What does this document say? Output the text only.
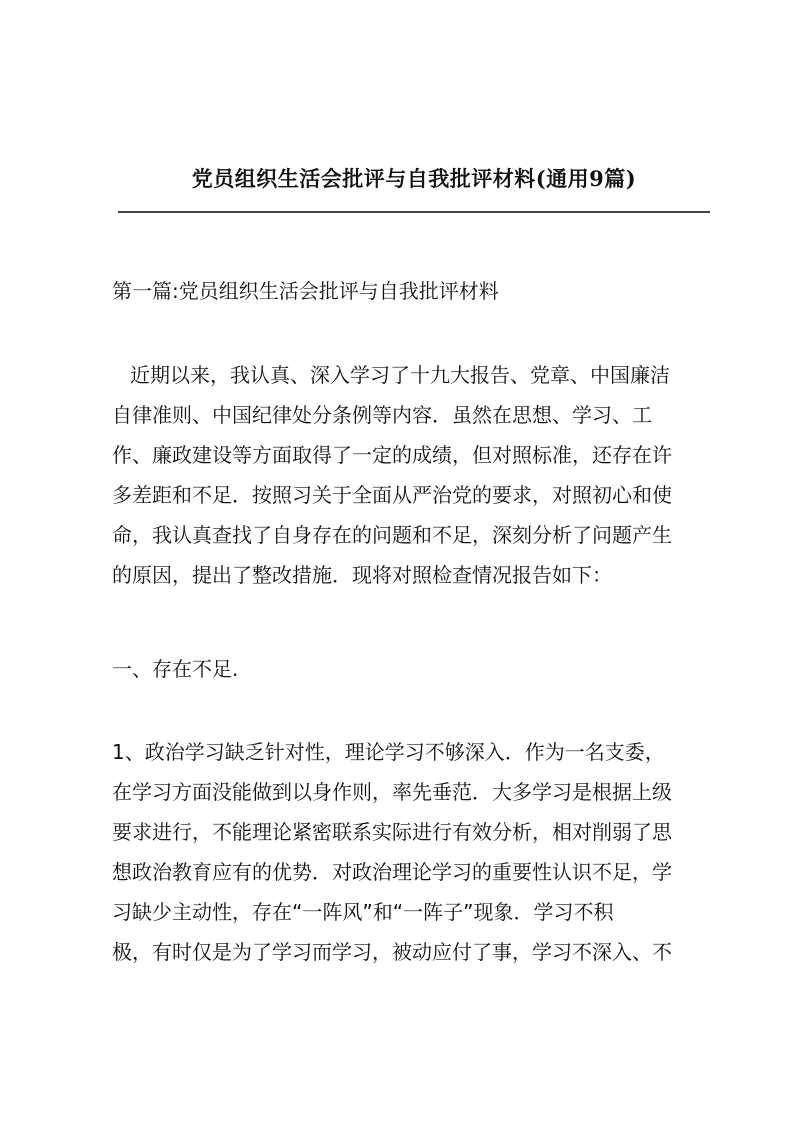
党员组织生活会批评与自我批评材料(通用9篇)
第一篇:党员组织生活会批评与自我批评材料
近期以来，我认真、深入学习了十九大报告、党章、中国廉洁
自律准则、中国纪律处分条例等内容．虽然在思想、学习、工
作、廉政建设等方面取得了一定的成绩，但对照标准，还存在许
多差距和不足．按照习关于全面从严治党的要求，对照初心和使
命，我认真查找了自身存在的问题和不足，深刻分析了问题产生
的原因，提出了整改措施．现将对照检查情况报告如下：
一、存在不足.
1、政治学习缺乏针对性，理论学习不够深入．作为一名支委，
在学习方面没能做到以身作则，率先垂范．大多学习是根据上级
要求进行，不能理论紧密联系实际进行有效分析，相对削弱了思
想政治教育应有的优势．对政治理论学习的重要性认识不足，学
习缺少主动性，存在“一阵风”和“一阵子”现象．学习不积
极，有时仅是为了学习而学习，被动应付了事，学习不深入、不
